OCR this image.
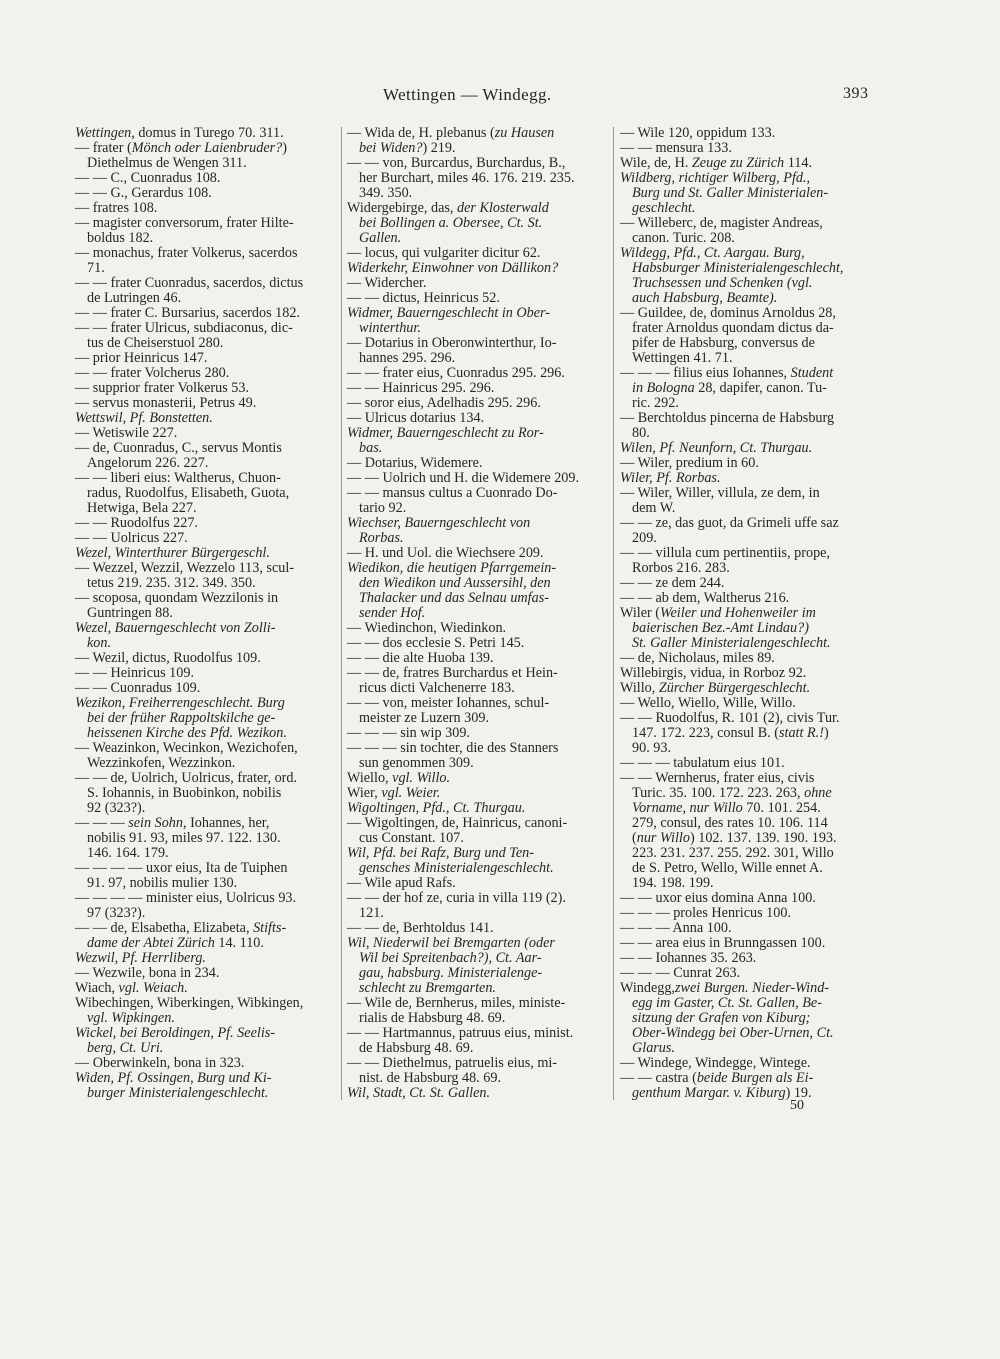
Wettingen — Windegg.	393
Wettingen, domus in Turego 70. 311.
— frater (Mönch oder Laienbruder?)
Diethelmus de Wengen 311.
— — C., Cuonradus 108.
— — G., Gerardus 108.
— fratres 108.
— magister conversorum, frater Hilte-
boldus 182.
— monachus, frater Volkerus, sacerdos
71.
— — frater Cuonradus, sacerdos, dictus
de Lutringen 46.
— — frater C. Bursarius, sacerdos 182.
— — frater Ulricus, subdiaconus, dic-
tus de Cheiserstuol 280.
— prior Heinricus 147.
— — frater Volcherus 280.
— supprior frater Volkerus 53.
— servus monasterii, Petrus 49.
Wettswil, Pf. Bonstetten.
— Wetiswile 227.
— de, Cuonradus, C., servus Montis
Angelorum 226. 227.
— — liberi eius: Waltherus, Chuon-
radus, Ruodolfus, Elisabeth, Guota,
Hetwiga, Bela 227.
— — Ruodolfus 227.
— — Uolricus 227.
Wezel, Winterthurer Bürgergeschl.
— Wezzel, Wezzil, Wezzelo 113, scul-
tetus 219. 235. 312. 349. 350.
— scoposa, quondam Wezzilonis in
Guntringen 88.
Wezel, Bauerngeschlecht von Zolli-
kon.
— Wezil, dictus, Ruodolfus 109.
— — Heinricus 109.
— — Cuonradus 109.
Wezikon, Freiherrengeschlecht. Burg
bei der früher Rappoltskilche ge-
heissenen Kirche des Pfd. Wezikon.
— Weazinkon, Wecinkon, Wezichofen,
Wezzinkofen, Wezzinkon.
— — de, Uolrich, Uolricus, frater, ord.
S. Iohannis, in Buobinkon, nobilis
92 (323?).
— — — sein Sohn, Iohannes, her,
nobilis 91. 93, miles 97. 122. 130.
146. 164. 179.
— — — — uxor eius, Ita de Tuiphen
91. 97, nobilis mulier 130.
— — — — minister eius, Uolricus 93.
97 (323?).
— — de, Elsabetha, Elizabeta, Stifts-
dame der Abtei Zürich 14. 110.
Wezwil, Pf. Herrliberg.
— Wezwile, bona in 234.
Wiach, vgl. Weiach.
Wibechingen, Wiberkingen, Wibkingen,
vgl. Wipkingen.
Wickel, bei Beroldingen, Pf. Seelis-
berg, Ct. Uri.
— Oberwinkeln, bona in 323.
Widen, Pf. Ossingen, Burg und Ki-
burger Ministerialengeschlecht.
— Wida de, H. plebanus (zu Hausen
bei Widen?) 219.
— — von, Burcardus, Burchardus, B.,
her Burchart, miles 46. 176. 219. 235.
349. 350.
Widergebirge, das, der Klosterwald
bei Bollingen a. Obersee, Ct. St.
Gallen.
— locus, qui vulgariter dicitur 62.
Widerkehr, Einwohner von Dällikon?
— Widercher.
— — dictus, Heinricus 52.
Widmer, Bauerngeschlecht in Ober-
winterthur.
— Dotarius in Oberonwinterthur, Io-
hannes 295. 296.
— — frater eius, Cuonradus 295. 296.
— — Hainricus 295. 296.
— soror eius, Adelhadis 295. 296.
— Ulricus dotarius 134.
Widmer, Bauerngeschlecht zu Ror-
bas.
— Dotarius, Widemere.
— — Uolrich und H. die Widemere 209.
— — mansus cultus a Cuonrado Do-
tario 92.
Wiechser, Bauerngeschlecht von
Rorbas.
— H. und Uol. die Wiechsere 209.
Wiedikon, die heutigen Pfarrgemein-
den Wiedikon und Aussersihl, den
Thalacker und das Selnau umfas-
sender Hof.
— Wiedinchon, Wiedinkon.
— — dos ecclesie S. Petri 145.
— — die alte Huoba 139.
— — de, fratres Burchardus et Hein-
ricus dicti Valchenerre 183.
— — von, meister Iohannes, schul-
meister ze Luzern 309.
— — — sin wip 309.
— — — sin tochter, die des Stanners
sun genommen 309.
Wiello, vgl. Willo.
Wier, vgl. Weier.
Wigoltingen, Pfd., Ct. Thurgau.
— Wigoltingen, de, Hainricus, canoni-
cus Constant. 107.
Wil, Pfd. bei Rafz, Burg und Ten-
gensches Ministerialengeschlecht.
— Wile apud Rafs.
— — der hof ze, curia in villa 119 (2).
121.
— — de, Berhtoldus 141.
Wil, Niederwil bei Bremgarten (oder
Wil bei Spreitenbach?), Ct. Aar-
gau, habsburg. Ministerialenge-
schlecht zu Bremgarten.
— Wile de, Bernherus, miles, ministe-
rialis de Habsburg 48. 69.
— — Hartmannus, patruus eius, minist.
de Habsburg 48. 69.
— — Diethelmus, patruelis eius, mi-
nist. de Habsburg 48. 69.
Wil, Stadt, Ct. St. Gallen.
— Wile 120, oppidum 133.
— — mensura 133.
Wile, de, H. Zeuge zu Zürich 114.
Wildberg, richtiger Wilberg, Pfd.,
Burg und St. Galler Ministerialen-
geschlecht.
— Willeberc, de, magister Andreas,
canon. Turic. 208.
Wildegg, Pfd., Ct. Aargau. Burg,
Habsburger Ministerialengeschlecht,
Truchsessen und Schenken (vgl.
auch Habsburg, Beamte).
— Guildee, de, dominus Arnoldus 28,
frater Arnoldus quondam dictus da-
pifer de Habsburg, conversus de
Wettingen 41. 71.
— — — filius eius Iohannes, Student
in Bologna 28, dapifer, canon. Tu-
ric. 292.
— Berchtoldus pincerna de Habsburg
80.
Wilen, Pf. Neunforn, Ct. Thurgau.
— Wiler, predium in 60.
Wiler, Pf. Rorbas.
— Wiler, Willer, villula, ze dem, in
dem W.
— — ze, das guot, da Grimeli uffe saz
209.
— — villula cum pertinentiis, prope,
Rorbos 216. 283.
— — ze dem 244.
— — ab dem, Waltherus 216.
Wiler (Weiler und Hohenweiler im
baierischen Bez.-Amt Lindau?)
St. Galler Ministerialengeschlecht.
— de, Nicholaus, miles 89.
Willebirgis, vidua, in Rorboz 92.
Willo, Zürcher Bürgergeschlecht.
— Wello, Wiello, Wille, Willo.
— — Ruodolfus, R. 101 (2), civis Tur.
147. 172. 223, consul B. (statt R.!)
90. 93.
— — — tabulatum eius 101.
— — Wernherus, frater eius, civis
Turic. 35. 100. 172. 223. 263, ohne
Vorname, nur Willo 70. 101. 254.
279, consul, des rates 10. 106. 114
(nur Willo) 102. 137. 139. 190. 193.
223. 231. 237. 255. 292. 301, Willo
de S. Petro, Wello, Wille ennet A.
194. 198. 199.
— — uxor eius domina Anna 100.
— — — proles Henricus 100.
— — — Anna 100.
— — area eius in Brunngassen 100.
— — Iohannes 35. 263.
— — — Cunrat 263.
Windegg,zwei Burgen. Nieder-Wind-
egg im Gaster, Ct. St. Gallen, Be-
sitzung der Grafen von Kiburg;
Ober-Windegg bei Ober-Urnen, Ct.
Glarus.
— Windege, Windegge, Wintege.
— — castra (beide Burgen als Ei-
genthum Margar. v. Kiburg) 19.
50
